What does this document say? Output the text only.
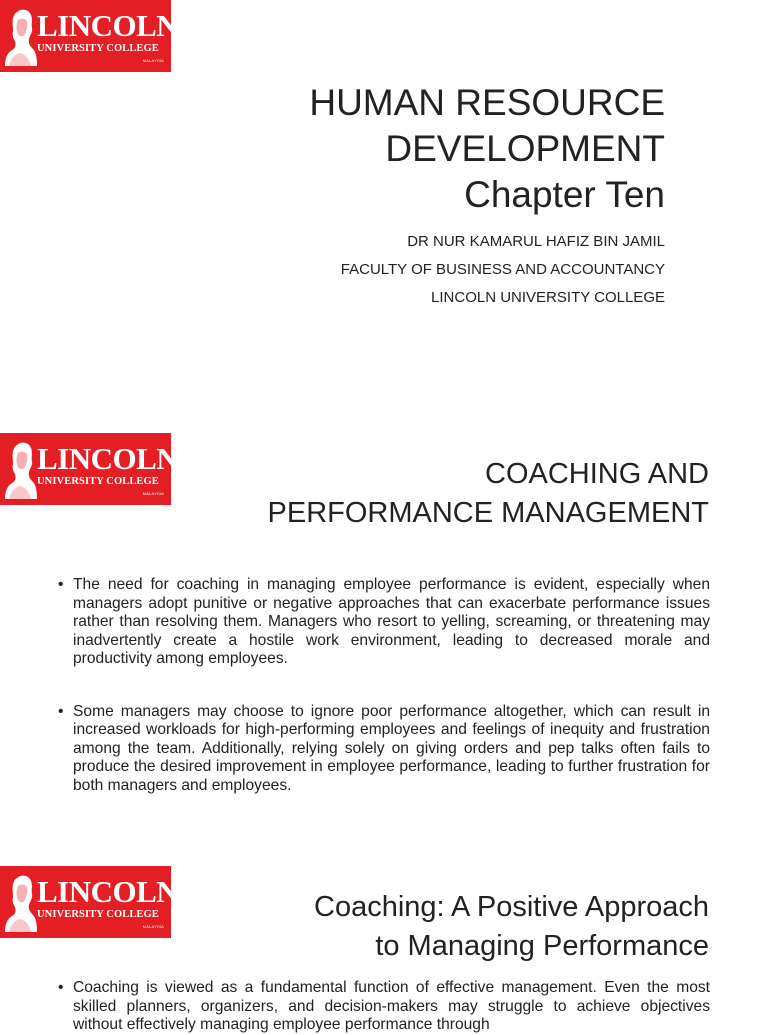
LINCOLN
UNIVERSITY COLLEGE
MALAYSIA
HUMAN RESOURCE
DEVELOPMENT
Chapter Ten
DR NUR KAMARUL HAFIZ BIN JAMIL
FACULTY OF BUSINESS AND ACCOUNTANCY
LINCOLN UNIVERSITY COLLEGE
LINCOLN
UNIVERSITY COLLEGE
MALAYSIA
COACHING AND
PERFORMANCE MANAGEMENT
• The need for coaching in managing employee performance is evident, especially when managers adopt punitive or negative approaches that can exacerbate performance issues rather than resolving them. Managers who resort to yelling, screaming, or threatening may inadvertently create a hostile work environment, leading to decreased morale and productivity among employees.
• Some managers may choose to ignore poor performance altogether, which can result in increased workloads for high-performing employees and feelings of inequity and frustration among the team. Additionally, relying solely on giving orders and pep talks often fails to produce the desired improvement in employee performance, leading to further frustration for both managers and employees.
LINCOLN
UNIVERSITY COLLEGE
MALAYSIA
Coaching: A Positive Approach
to Managing Performance
• Coaching is viewed as a fundamental function of effective management. Even the most skilled planners, organizers, and decision-makers may struggle to achieve objectives without effectively managing employee performance through
